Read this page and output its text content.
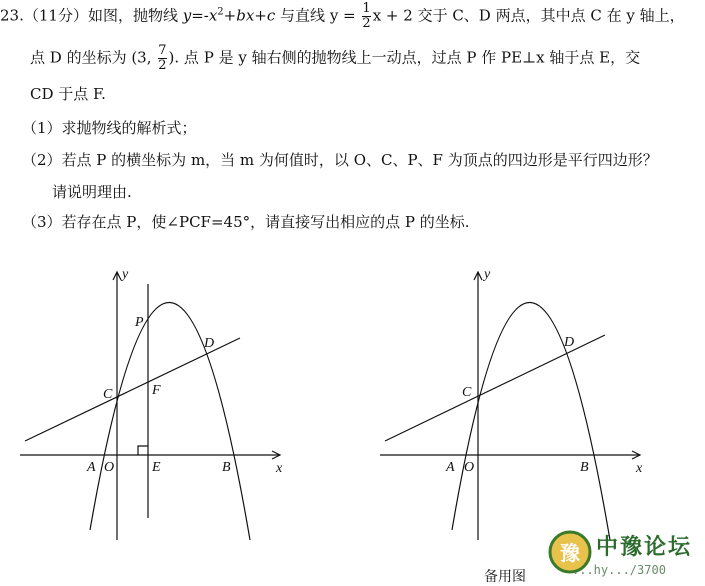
23.（11分）如图，抛物线 $y=-x^2+bx+c$ 与直线 $y = \frac{1}{2}$ x + 2 交于 C、D 两点，其中点 C 在 y 轴上，
点 D 的坐标为 (3, $\frac{7}{2}$ ). 点 P 是 y 轴右侧的抛物线上一动点，过点 P 作 PE⊥x 轴于点 E，交
CD 于点 F.
（1）求抛物线的解析式；
（2）若点 P 的横坐标为 m，当 m 为何值时，以 O、C、P、F 为顶点的四边形是平行四边形？
请说明理由.
（3）若存在点 P，使∠PCF=45°，请直接写出相应的点 P 的坐标.
y
x
P
D
C	F
A O	E	B
y
x
D
C
A O	B
备用图
豫 中豫论坛
...hy.../3700
